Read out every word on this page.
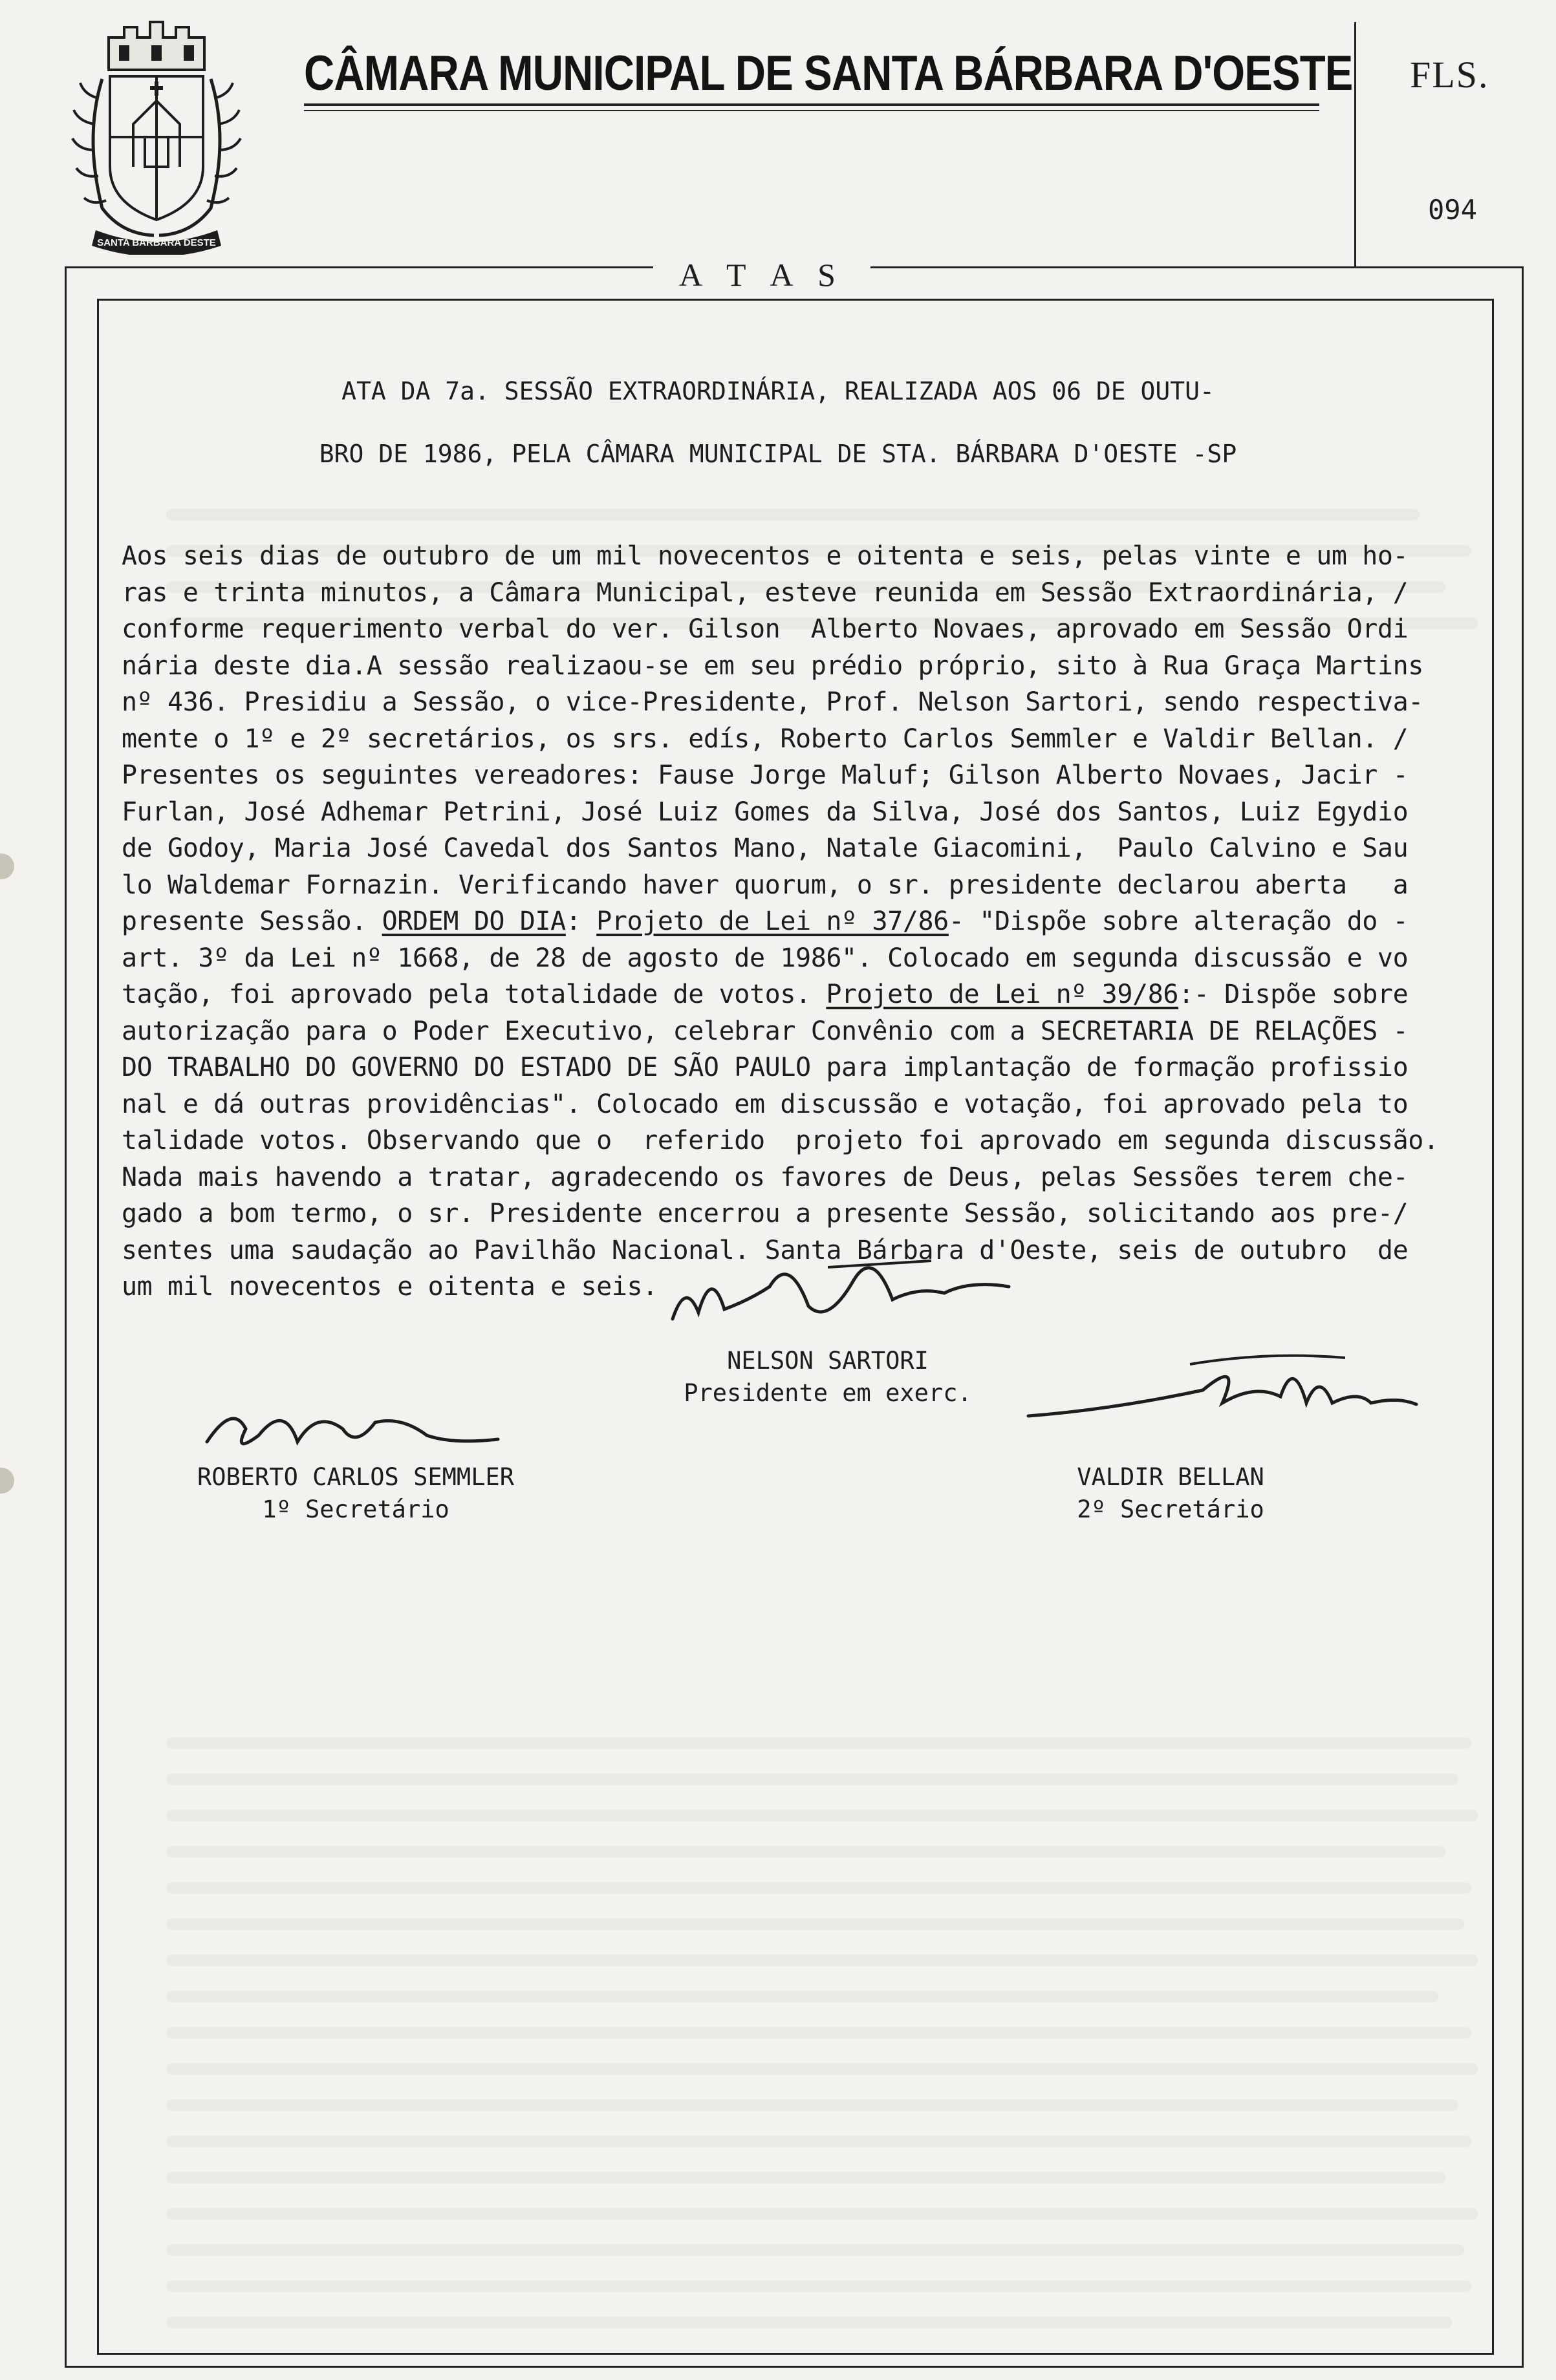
SANTA BARBARA DESTE
CÂMARA MUNICIPAL DE SANTA BÁRBARA D'OESTE FLS.
094
A T A S
ATA DA 7a. SESSÃO EXTRAORDINÁRIA, REALIZADA AOS 06 DE OUTU-
BRO DE 1986, PELA CÂMARA MUNICIPAL DE STA. BÁRBARA D'OESTE -SP
Aos seis dias de outubro de um mil novecentos e oitenta e seis, pelas vinte e um ho-
ras e trinta minutos, a Câmara Municipal, esteve reunida em Sessão Extraordinária, /
conforme requerimento verbal do ver. Gilson  Alberto Novaes, aprovado em Sessão Ordi
nária deste dia.A sessão realizaou-se em seu prédio próprio, sito à Rua Graça Martins
nº 436. Presidiu a Sessão, o vice-Presidente, Prof. Nelson Sartori, sendo respectiva-
mente o 1º e 2º secretários, os srs. edís, Roberto Carlos Semmler e Valdir Bellan. /
Presentes os seguintes vereadores: Fause Jorge Maluf; Gilson Alberto Novaes, Jacir -
Furlan, José Adhemar Petrini, José Luiz Gomes da Silva, José dos Santos, Luiz Egydio
de Godoy, Maria José Cavedal dos Santos Mano, Natale Giacomini,  Paulo Calvino e Sau
lo Waldemar Fornazin. Verificando haver quorum, o sr. presidente declarou aberta   a
presente Sessão. ORDEM DO DIA: Projeto de Lei nº 37/86- "Dispõe sobre alteração do -
art. 3º da Lei nº 1668, de 28 de agosto de 1986". Colocado em segunda discussão e vo
tação, foi aprovado pela totalidade de votos. Projeto de Lei nº 39/86:- Dispõe sobre
autorização para o Poder Executivo, celebrar Convênio com a SECRETARIA DE RELAÇÕES -
DO TRABALHO DO GOVERNO DO ESTADO DE SÃO PAULO para implantação de formação profissio
nal e dá outras providências". Colocado em discussão e votação, foi aprovado pela to
talidade votos. Observando que o  referido  projeto foi aprovado em segunda discussão.
Nada mais havendo a tratar, agradecendo os favores de Deus, pelas Sessões terem che-
gado a bom termo, o sr. Presidente encerrou a presente Sessão, solicitando aos pre-/
sentes uma saudação ao Pavilhão Nacional. Santa Bárbara d'Oeste, seis de outubro  de
um mil novecentos e oitenta e seis.
NELSON SARTORI
Presidente em exerc.
ROBERTO CARLOS SEMMLER
1º Secretário
VALDIR BELLAN
2º Secretário
